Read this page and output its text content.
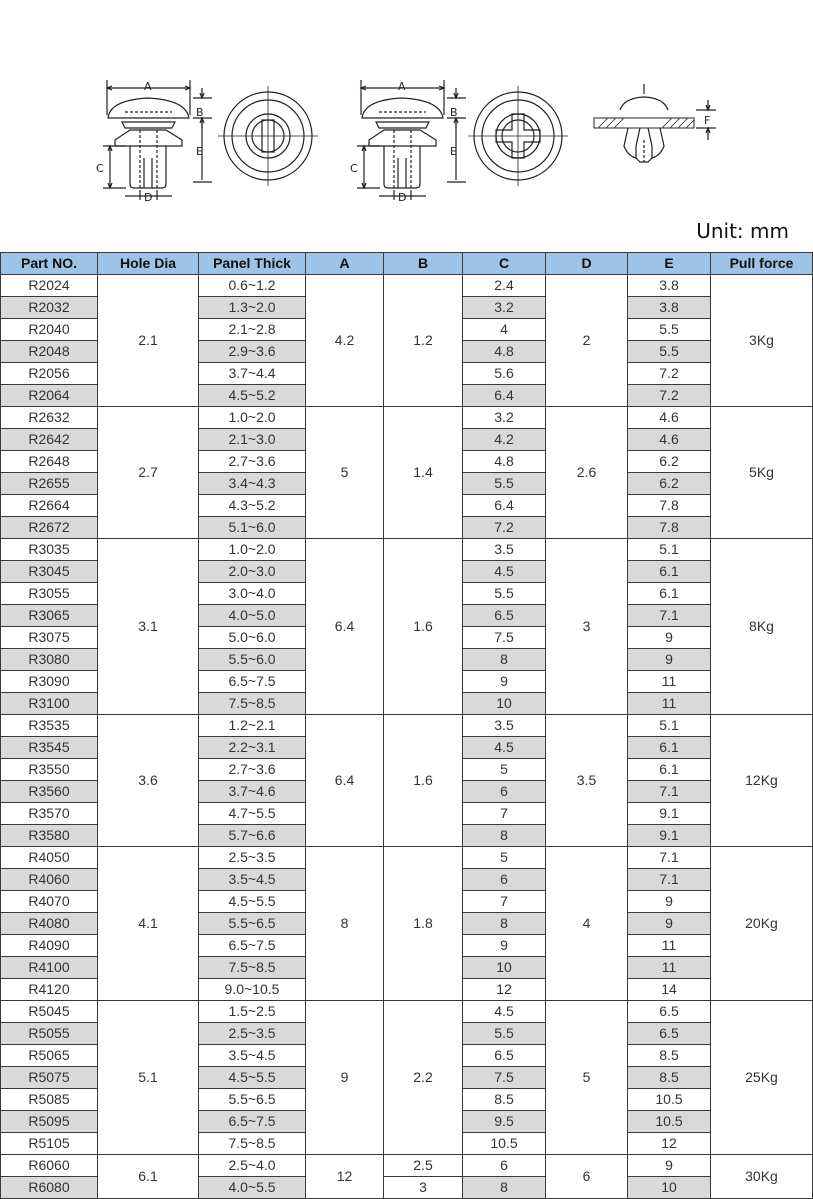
A
B
C
D
E
A
B
C
D
E
F
Unit: mm
Part NO.	Hole Dia	Panel Thick	A	B	C	D	E	Pull force
R2024	2.1	0.6~1.2	4.2	1.2	2.4	2	3.8	3Kg
R2032		1.3~2.0			3.2		3.8	
R2040		2.1~2.8			4		5.5	
R2048		2.9~3.6			4.8		5.5	
R2056		3.7~4.4			5.6		7.2	
R2064		4.5~5.2			6.4		7.2	
R2632	2.7	1.0~2.0	5	1.4	3.2	2.6	4.6	5Kg
R2642		2.1~3.0			4.2		4.6	
R2648		2.7~3.6			4.8		6.2	
R2655		3.4~4.3			5.5		6.2	
R2664		4.3~5.2			6.4		7.8	
R2672		5.1~6.0			7.2		7.8	
R3035	3.1	1.0~2.0	6.4	1.6	3.5	3	5.1	8Kg
R3045		2.0~3.0			4.5		6.1	
R3055		3.0~4.0			5.5		6.1	
R3065		4.0~5.0			6.5		7.1	
R3075		5.0~6.0			7.5		9	
R3080		5.5~6.0			8		9	
R3090		6.5~7.5			9		11	
R3100		7.5~8.5			10		11	
R3535	3.6	1.2~2.1	6.4	1.6	3.5	3.5	5.1	12Kg
R3545		2.2~3.1			4.5		6.1	
R3550		2.7~3.6			5		6.1	
R3560		3.7~4.6			6		7.1	
R3570		4.7~5.5			7		9.1	
R3580		5.7~6.6			8		9.1	
R4050	4.1	2.5~3.5	8	1.8	5	4	7.1	20Kg
R4060		3.5~4.5			6		7.1	
R4070		4.5~5.5			7		9	
R4080		5.5~6.5			8		9	
R4090		6.5~7.5			9		11	
R4100		7.5~8.5			10		11	
R4120		9.0~10.5			12		14	
R5045	5.1	1.5~2.5	9	2.2	4.5	5	6.5	25Kg
R5055		2.5~3.5			5.5		6.5	
R5065		3.5~4.5			6.5		8.5	
R5075		4.5~5.5			7.5		8.5	
R5085		5.5~6.5			8.5		10.5	
R5095		6.5~7.5			9.5		10.5	
R5105		7.5~8.5			10.5		12	
R6060	6.1	2.5~4.0	12	2.5	6	6	9	30Kg
R6080		4.0~5.5		3	8		10	
